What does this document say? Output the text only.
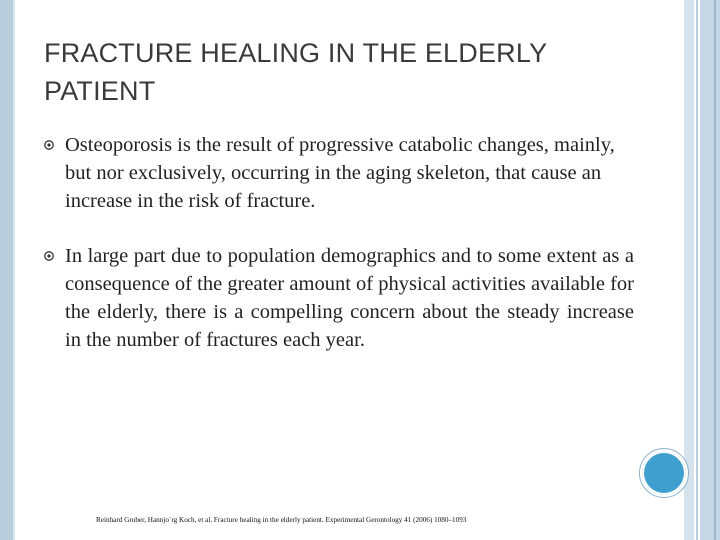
FRACTURE HEALING IN THE ELDERLY PATIENT
Osteoporosis is the result of progressive catabolic changes, mainly, but nor exclusively, occurring in the aging skeleton, that cause an increase in the risk of fracture.
In large part due to population demographics and to some extent as a consequence of the greater amount of physical activities available for the elderly, there is a compelling concern about the steady increase in the number of fractures each year.
Reinhard Gruber, Hannjo¨rg Koch, et al. Fracture healing in the elderly patient. Experimental Gerontology 41 (2006) 1080–1093
